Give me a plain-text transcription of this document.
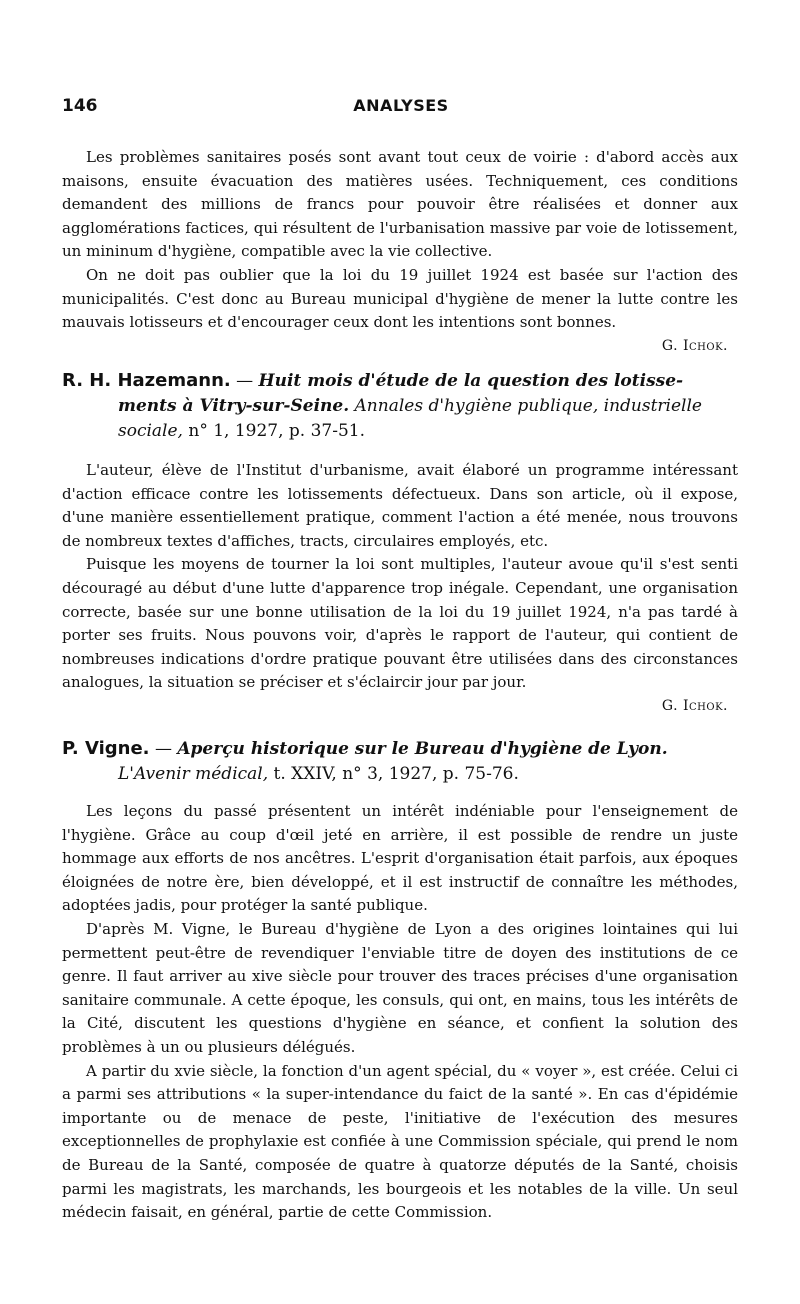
146	ANALYSES

Les problèmes sanitaires posés sont avant tout ceux de voirie : d'abord accès aux maisons, ensuite évacuation des matières usées. Techniquement, ces conditions demandent des millions de francs pour pouvoir être réalisées et donner aux agglomérations factices, qui résultent de l'urbanisation massive par voie de lotissement, un mininum d'hygiène, compatible avec la vie collective.

On ne doit pas oublier que la loi du 19 juillet 1924 est basée sur l'action des municipalités. C'est donc au Bureau municipal d'hygiène de mener la lutte contre les mauvais lotisseurs et d'encourager ceux dont les intentions sont bonnes.

G. Ichok.

R. H. Hazemann. — Huit mois d'étude de la question des lotisse-
ments à Vitry-sur-Seine. Annales d'hygiène publique, industrielle
sociale, n° 1, 1927, p. 37-51.

L'auteur, élève de l'Institut d'urbanisme, avait élaboré un programme intéressant d'action efficace contre les lotissements défectueux. Dans son article, où il expose, d'une manière essentiellement pratique, comment l'action a été menée, nous trouvons de nombreux textes d'affiches, tracts, circulaires employés, etc.

Puisque les moyens de tourner la loi sont multiples, l'auteur avoue qu'il s'est senti découragé au début d'une lutte d'apparence trop inégale. Cependant, une organisation correcte, basée sur une bonne utilisation de la loi du 19 juillet 1924, n'a pas tardé à porter ses fruits. Nous pouvons voir, d'après le rapport de l'auteur, qui contient de nombreuses indications d'ordre pratique pouvant être utilisées dans des circonstances analogues, la situation se préciser et s'éclaircir jour par jour.

G. Ichok.

P. Vigne. — Aperçu historique sur le Bureau d'hygiène de Lyon.
L'Avenir médical, t. XXIV, n° 3, 1927, p. 75-76.

Les leçons du passé présentent un intérêt indéniable pour l'enseignement de l'hygiène. Grâce au coup d'œil jeté en arrière, il est possible de rendre un juste hommage aux efforts de nos ancêtres. L'esprit d'organisation était parfois, aux époques éloignées de notre ère, bien développé, et il est instructif de connaître les méthodes, adoptées jadis, pour protéger la santé publique.

D'après M. Vigne, le Bureau d'hygiène de Lyon a des origines lointaines qui lui permettent peut-être de revendiquer l'enviable titre de doyen des institutions de ce genre. Il faut arriver au xive siècle pour trouver des traces précises d'une organisation sanitaire communale. A cette époque, les consuls, qui ont, en mains, tous les intérêts de la Cité, discutent les questions d'hygiène en séance, et confient la solution des problèmes à un ou plusieurs délégués.

A partir du xvie siècle, la fonction d'un agent spécial, du « voyer », est créée. Celui ci a parmi ses attributions « la super-intendance du faict de la santé ». En cas d'épidémie importante ou de menace de peste, l'initiative de l'exécution des mesures exceptionnelles de prophylaxie est confiée à une Commission spéciale, qui prend le nom de Bureau de la Santé, composée de quatre à quatorze députés de la Santé, choisis parmi les magistrats, les marchands, les bourgeois et les notables de la ville. Un seul médecin faisait, en général, partie de cette Commission.
